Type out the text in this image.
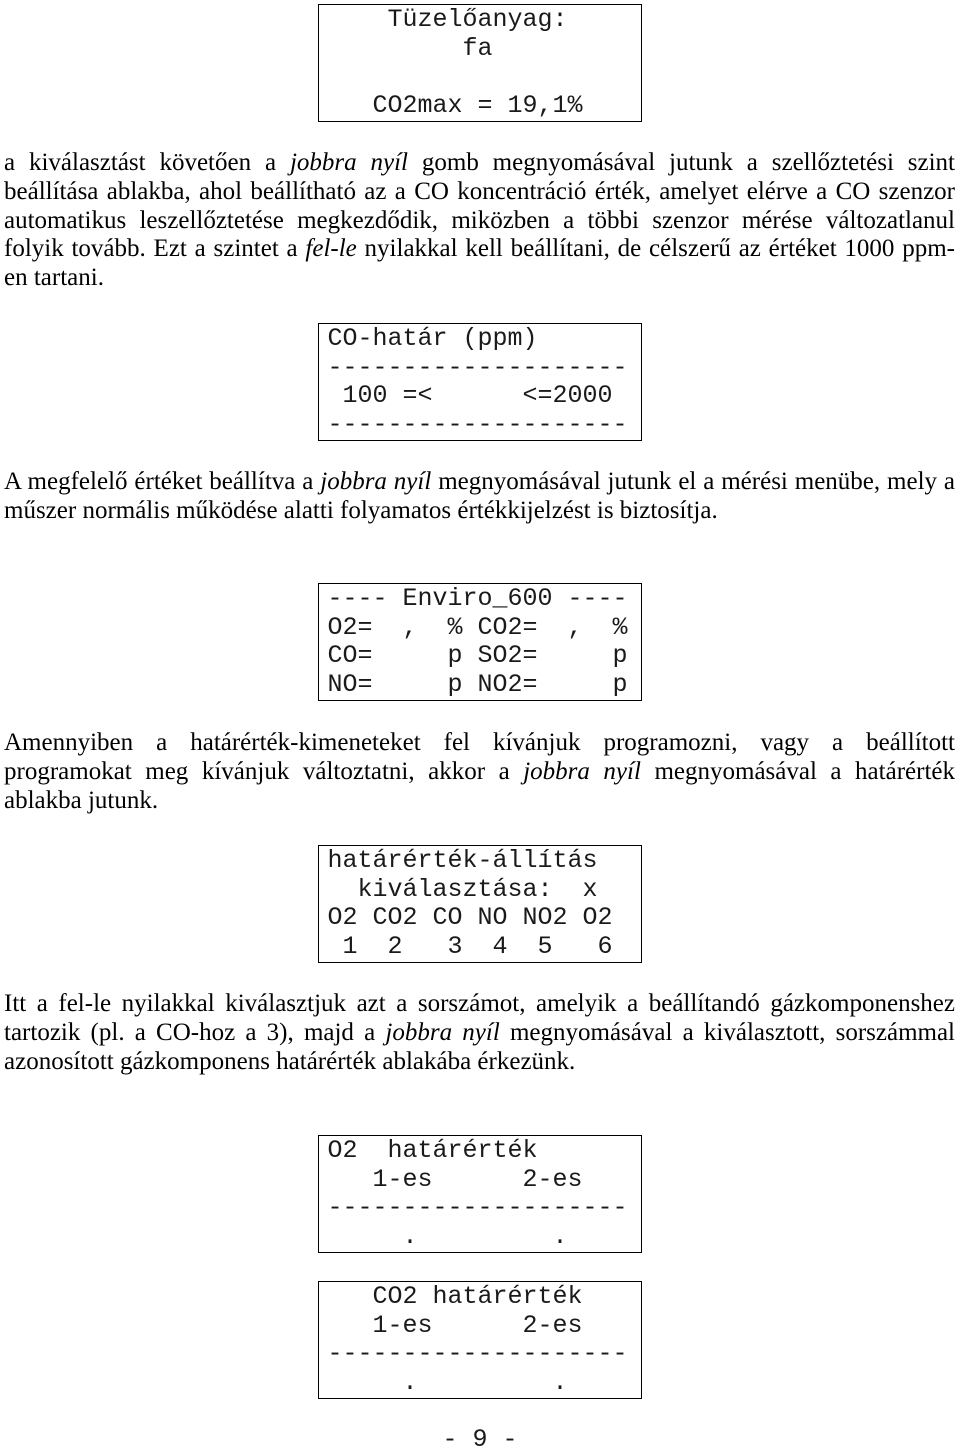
Tüzelőanyag:
fa
CO2max = 19,1%
a kiválasztást követően a jobbra nyíl gomb megnyomásával jutunk a szellőztetési szint
beállítása ablakba, ahol beállítható az a CO koncentráció érték, amelyet elérve a CO szenzor
automatikus leszellőztetése megkezdődik, miközben a többi szenzor mérése változatlanul
folyik tovább. Ezt a szintet a fel-le nyilakkal kell beállítani, de célszerű az értéket 1000 ppm-
en tartani.
CO-határ (ppm)
--------------------
100 =<      <=2000
--------------------
A megfelelő értéket beállítva a jobbra nyíl megnyomásával jutunk el a mérési menübe, mely a
műszer normális működése alatti folyamatos értékkijelzést is biztosítja.
---- Enviro_600 ----
O2=  ,  % CO2=  ,  %
CO=     p SO2=     p
NO=     p NO2=     p
Amennyiben a határérték-kimeneteket fel kívánjuk programozni, vagy a beállított
programokat meg kívánjuk változtatni, akkor a jobbra nyíl megnyomásával a határérték
ablakba jutunk.
határérték-állítás
kiválasztása:  x
O2 CO2 CO NO NO2 O2
1  2   3  4  5   6
Itt a fel-le nyilakkal kiválasztjuk azt a sorszámot, amelyik a beállítandó gázkomponenshez
tartozik (pl. a CO-hoz a 3), majd a jobbra nyíl megnyomásával a kiválasztott, sorszámmal
azonosított gázkomponens határérték ablakába érkezünk.
O2  határérték
1-es      2-es
--------------------
.         .
CO2 határérték
1-es      2-es
--------------------
.         .
- 9 -
